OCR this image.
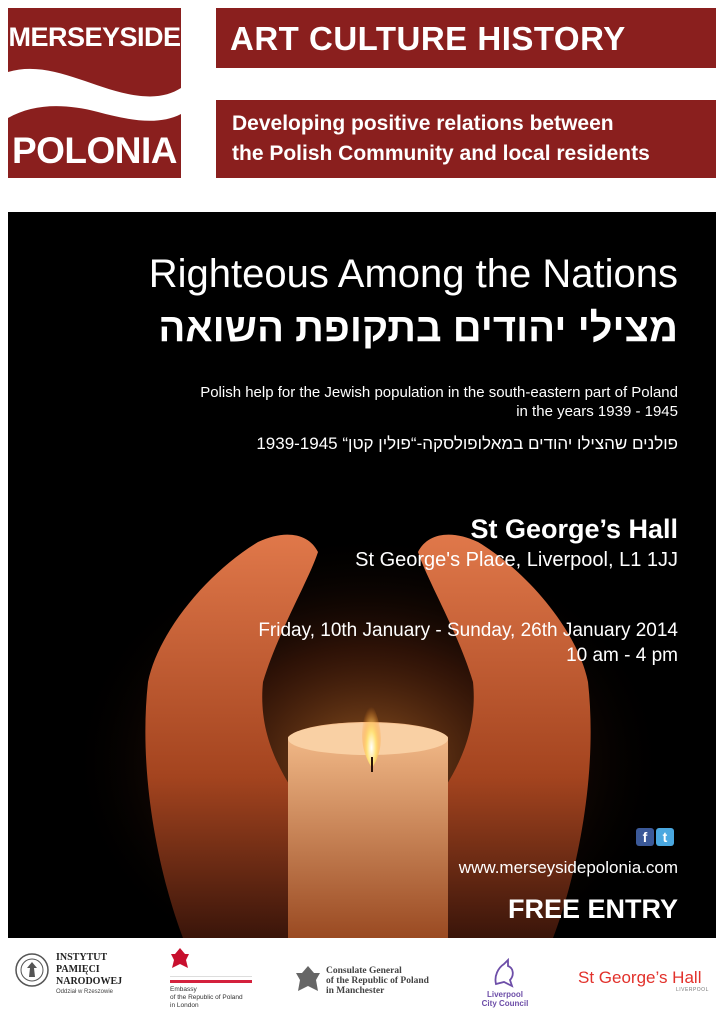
MERSEYSIDE
POLONIA
ART CULTURE HISTORY
Developing positive relations between
the Polish Community and local residents
Righteous Among the Nations
מצילי יהודים בתקופת השואה
Polish help for the Jewish population in the south-eastern part of Poland
in the years 1939 - 1945
פולנים שהצילו יהודים במאלופולסקה-“פולין קטן“ 1939-1945
St George’s Hall
St George's Place, Liverpool, L1 1JJ
Friday, 10th January - Sunday, 26th January 2014
10 am - 4 pm
f	t
www.merseysidepolonia.com
FREE ENTRY
INSTYTUT
PAMIĘCI
NARODOWEJ
Oddział w Rzeszowie	Embassy
of the Republic of Poland
in London
Consulate General
of the Republic of Poland
in Manchester	Liverpool
City Council
St George’s Hall
LIVERPOOL
